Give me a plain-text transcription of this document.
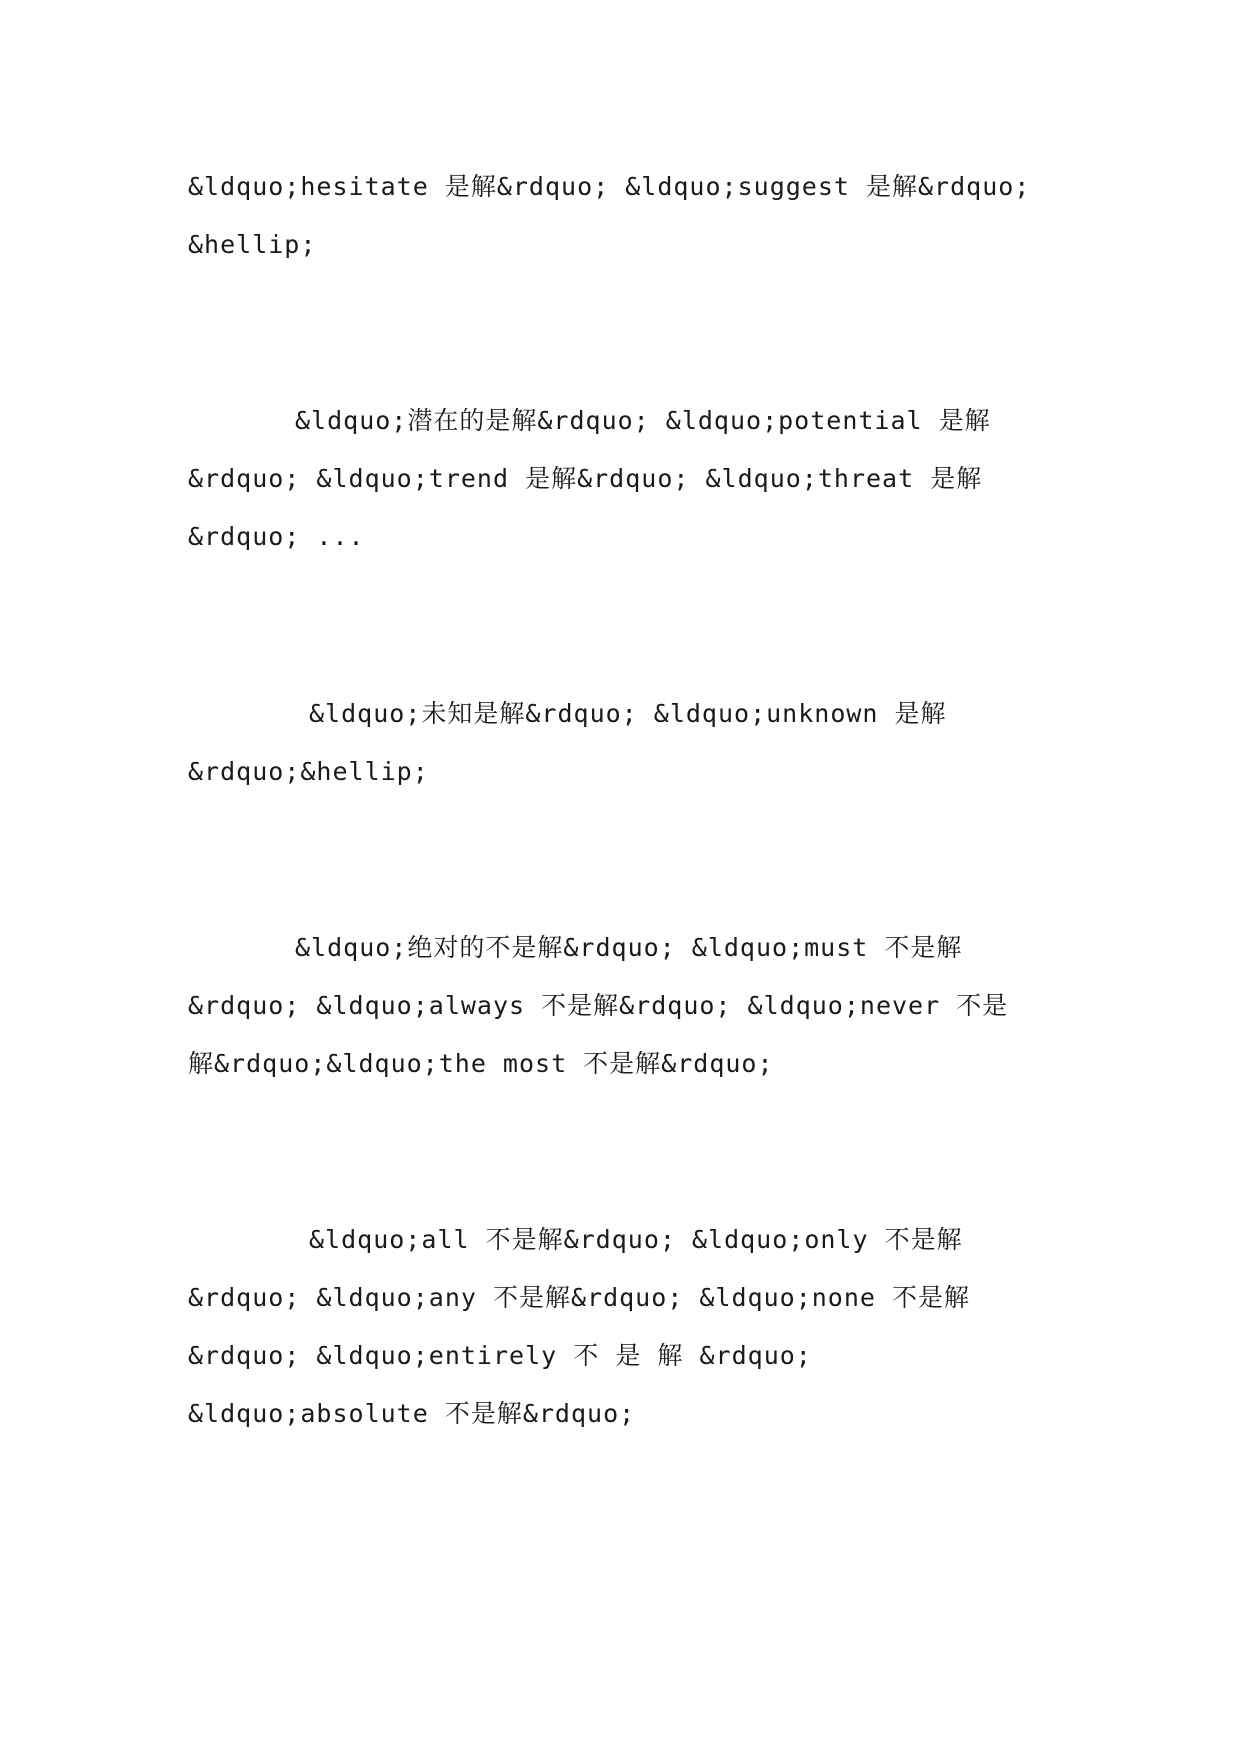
&ldquo;hesitate 是解&rdquo; &ldquo;suggest 是解&rdquo;
&hellip;
&ldquo;潜在的是解&rdquo; &ldquo;potential 是解
&rdquo; &ldquo;trend 是解&rdquo; &ldquo;threat 是解
&rdquo; ...
&ldquo;未知是解&rdquo; &ldquo;unknown 是解
&rdquo;&hellip;
&ldquo;绝对的不是解&rdquo; &ldquo;must 不是解
&rdquo; &ldquo;always 不是解&rdquo; &ldquo;never 不是
解&rdquo;&ldquo;the most 不是解&rdquo;
&ldquo;all 不是解&rdquo; &ldquo;only 不是解
&rdquo; &ldquo;any 不是解&rdquo; &ldquo;none 不是解
&rdquo; &ldquo;entirely 不 是 解 &rdquo;
&ldquo;absolute 不是解&rdquo;
